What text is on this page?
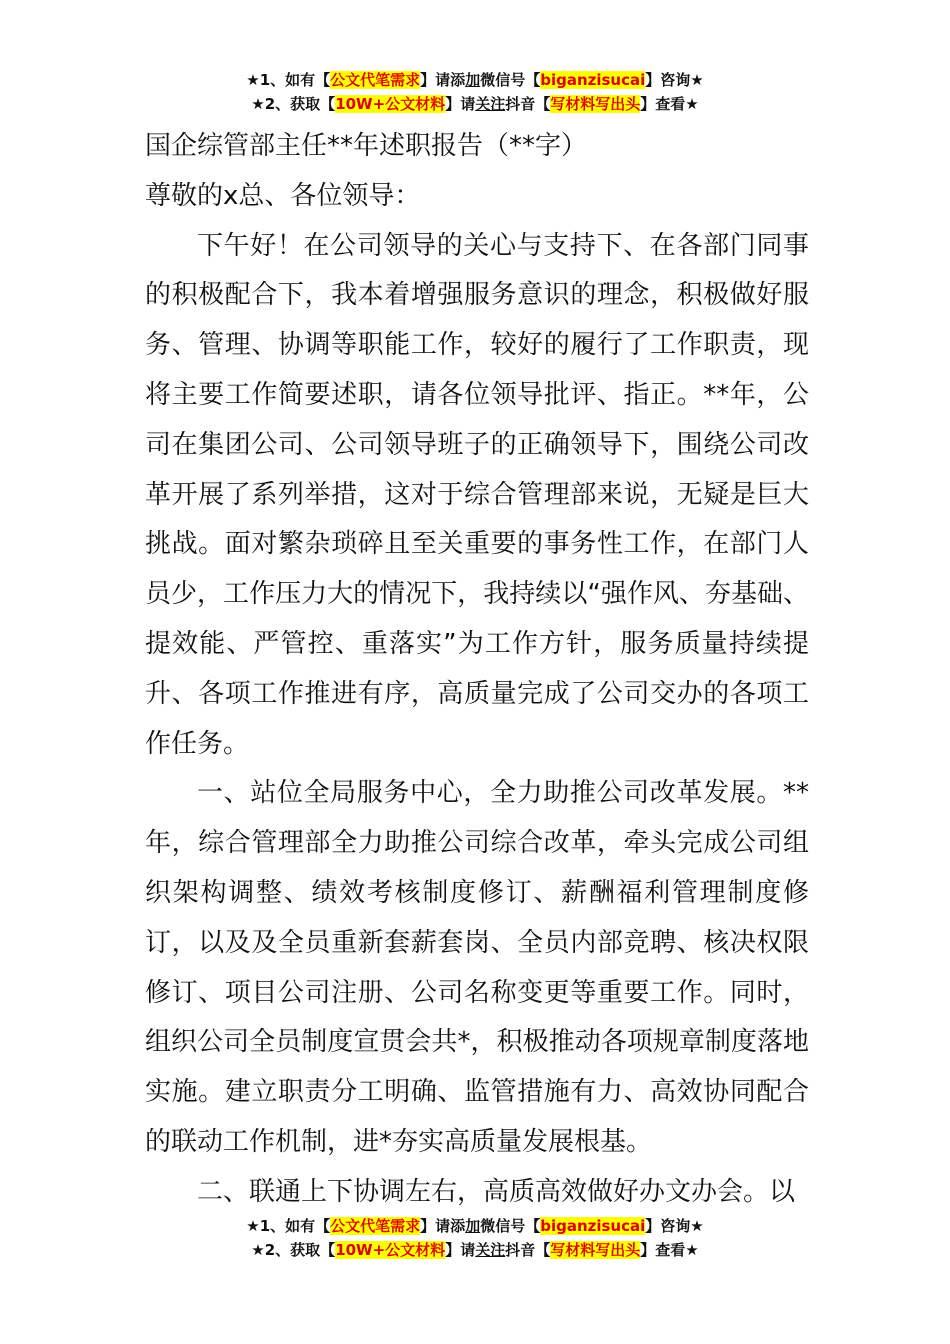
★1、如有【公文代笔需求】请添加微信号【biganzisucai】咨询★
★2、获取【10W+公文材料】请关注抖音【写材料写出头】查看★

国企综管部主任**年述职报告（**字）

尊敬的x总、各位领导：

下午好！在公司领导的关心与支持下、在各部门同事的积极配合下，我本着增强服务意识的理念，积极做好服务、管理、协调等职能工作，较好的履行了工作职责，现将主要工作简要述职，请各位领导批评、指正。**年，公司在集团公司、公司领导班子的正确领导下，围绕公司改革开展了系列举措，这对于综合管理部来说，无疑是巨大挑战。面对繁杂琐碎且至关重要的事务性工作，在部门人员少，工作压力大的情况下，我持续以“强作风、夯基础、提效能、严管控、重落实”为工作方针，服务质量持续提升、各项工作推进有序，高质量完成了公司交办的各项工作任务。

一、站位全局服务中心，全力助推公司改革发展。**年，综合管理部全力助推公司综合改革，牵头完成公司组织架构调整、绩效考核制度修订、薪酬福利管理制度修订，以及及全员重新套薪套岗、全员内部竞聘、核决权限修订、项目公司注册、公司名称变更等重要工作。同时，组织公司全员制度宣贯会共*，积极推动各项规章制度落地实施。建立职责分工明确、监管措施有力、高效协同配合的联动工作机制，进*夯实高质量发展根基。

二、联通上下协调左右，高质高效做好办文办会。以

★1、如有【公文代笔需求】请添加微信号【biganzisucai】咨询★
★2、获取【10W+公文材料】请关注抖音【写材料写出头】查看★
